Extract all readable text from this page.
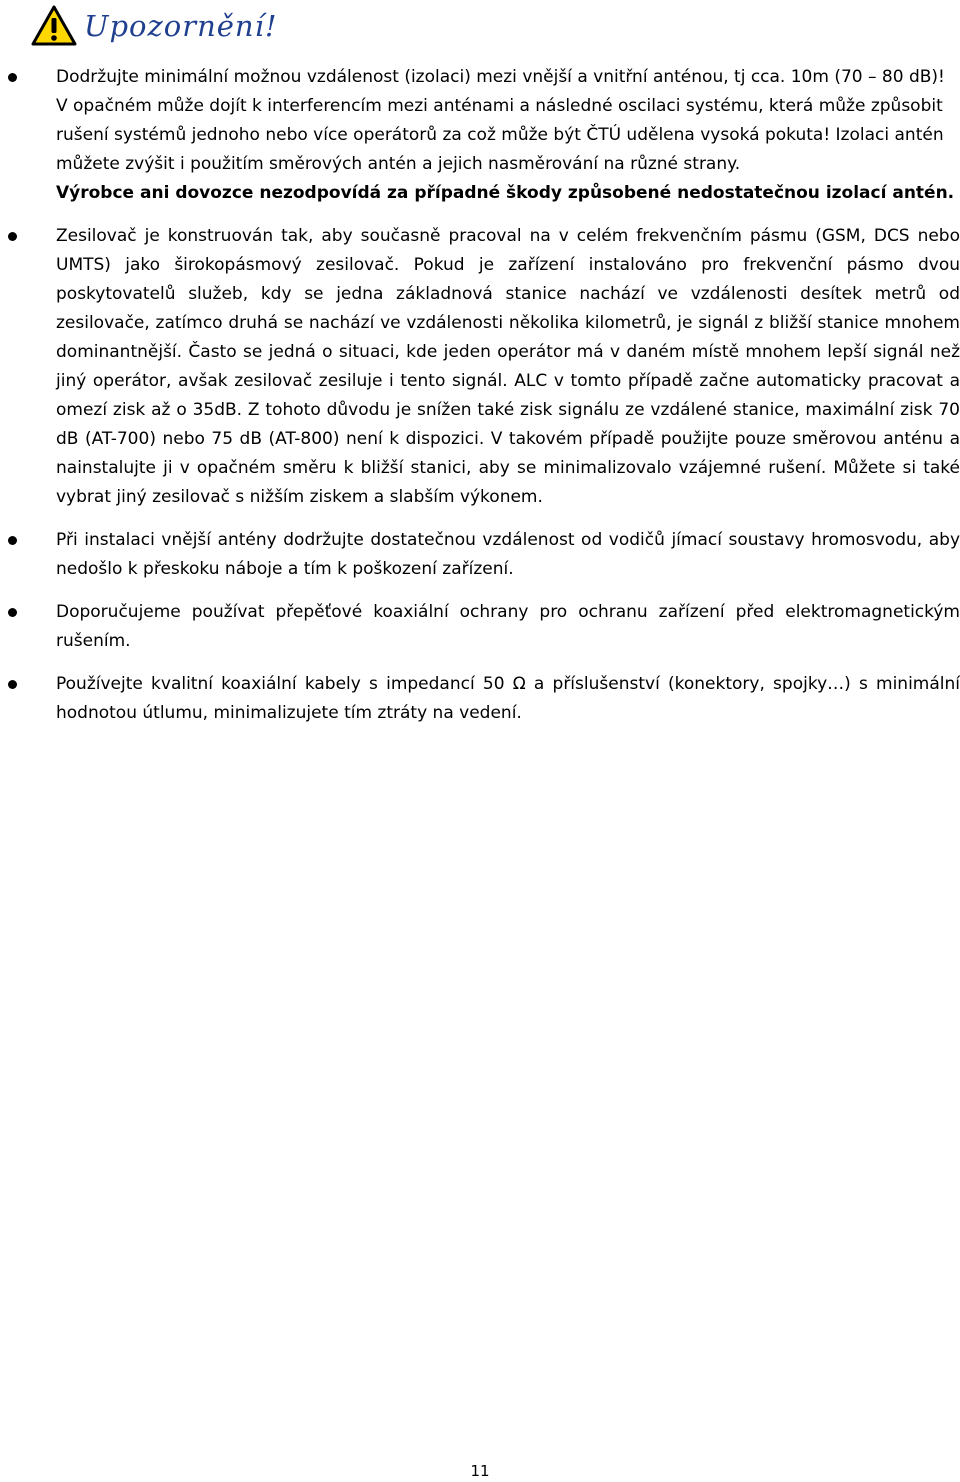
Upozornění!
Dodržujte minimální možnou vzdálenost (izolaci) mezi vnější a vnitřní anténou, tj cca. 10m (70 – 80 dB)! V opačném může dojít k interferencím mezi anténami a následné oscilaci systému, která může způsobit rušení systémů jednoho nebo více operátorů za což může být ČTÚ udělena vysoká pokuta! Izolaci antén můžete zvýšit i použitím směrových antén a jejich nasměrování na různé strany.
Výrobce ani dovozce nezodpovídá za případné škody způsobené nedostatečnou izolací antén.
Zesilovač je konstruován tak, aby současně pracoval na v celém frekvenčním pásmu (GSM, DCS nebo UMTS) jako širokopásmový zesilovač. Pokud je zařízení instalováno pro frekvenční pásmo dvou poskytovatelů služeb, kdy se jedna základnová stanice nachází ve vzdálenosti desítek metrů od zesilovače, zatímco druhá se nachází ve vzdálenosti několika kilometrů, je signál z bližší stanice mnohem dominantnější. Často se jedná o situaci, kde jeden operátor má v daném místě mnohem lepší signál než jiný operátor, avšak zesilovač zesiluje i tento signál. ALC v tomto případě začne automaticky pracovat a omezí zisk až o 35dB. Z tohoto důvodu je snížen také zisk signálu ze vzdálené stanice, maximální zisk 70 dB (AT-700) nebo 75 dB (AT-800) není k dispozici. V takovém případě použijte pouze směrovou anténu a nainstalujte ji v opačném směru k bližší stanici, aby se minimalizovalo vzájemné rušení. Můžete si také vybrat jiný zesilovač s nižším ziskem a slabším výkonem.
Při instalaci vnější antény dodržujte dostatečnou vzdálenost od vodičů jímací soustavy hromosvodu, aby nedošlo k přeskoku náboje a tím k poškození zařízení.
Doporučujeme používat přepěťové koaxiální ochrany pro ochranu zařízení před elektromagnetickým rušením.
Používejte kvalitní koaxiální kabely s impedancí 50 Ω a příslušenství (konektory, spojky…) s minimální hodnotou útlumu, minimalizujete tím ztráty na vedení.
11
